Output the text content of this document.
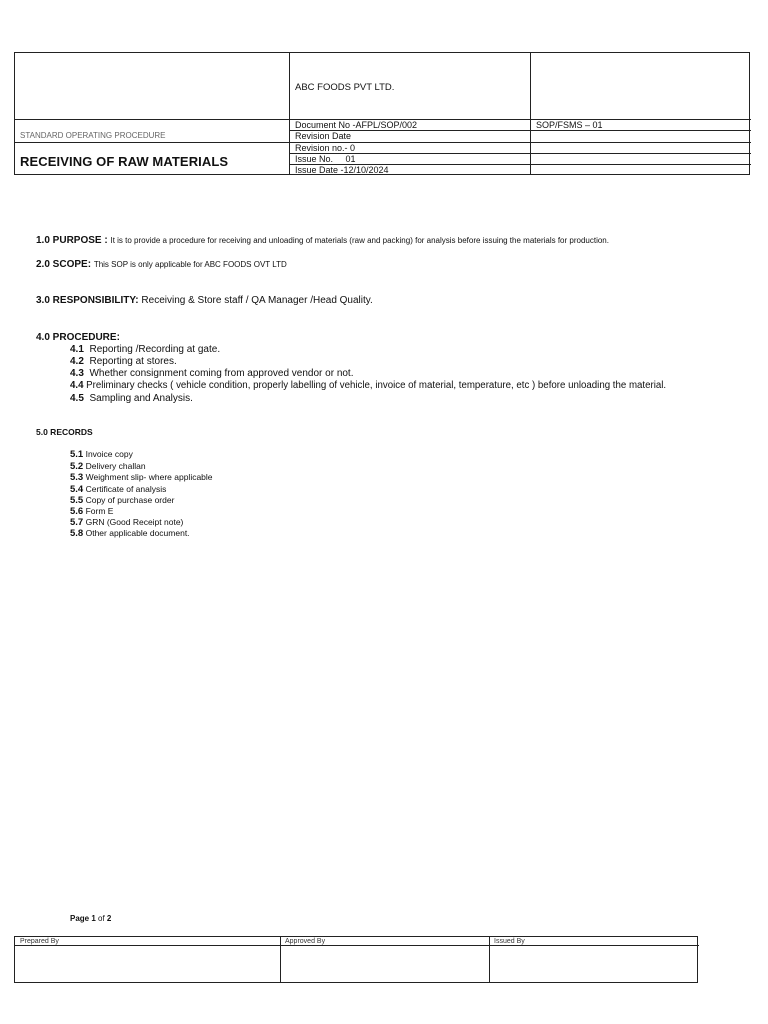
ABC FOODS PVT LTD.
STANDARD OPERATING PROCEDURE
RECEIVING OF RAW MATERIALS
Document No -AFPL/SOP/002	SOP/FSMS – 01
Revision Date
Revision no.- 0
Issue No.     01
Issue Date -12/10/2024
1.0 PURPOSE : It is to provide a procedure for receiving and unloading of materials (raw and packing) for analysis before issuing the materials for production.
2.0 SCOPE: This SOP is only applicable for ABC FOODS OVT LTD
3.0 RESPONSIBILITY: Receiving & Store staff / QA Manager /Head Quality.
4.0 PROCEDURE:
4.1 Reporting /Recording at gate.
4.2 Reporting at stores.
4.3 Whether consignment coming from approved vendor or not.
4.4 Preliminary checks ( vehicle condition, properly labelling of vehicle, invoice of material, temperature, etc ) before unloading the material.
4.5 Sampling and Analysis.
5.0 RECORDS
5.1 Invoice copy
5.2 Delivery challan
5.3 Weighment slip- where applicable
5.4 Certificate of analysis
5.5 Copy of purchase order
5.6 Form E
5.7 GRN (Good Receipt note)
5.8 Other applicable document.
Page 1 of 2
Prepared By	Approved By	Issued By
